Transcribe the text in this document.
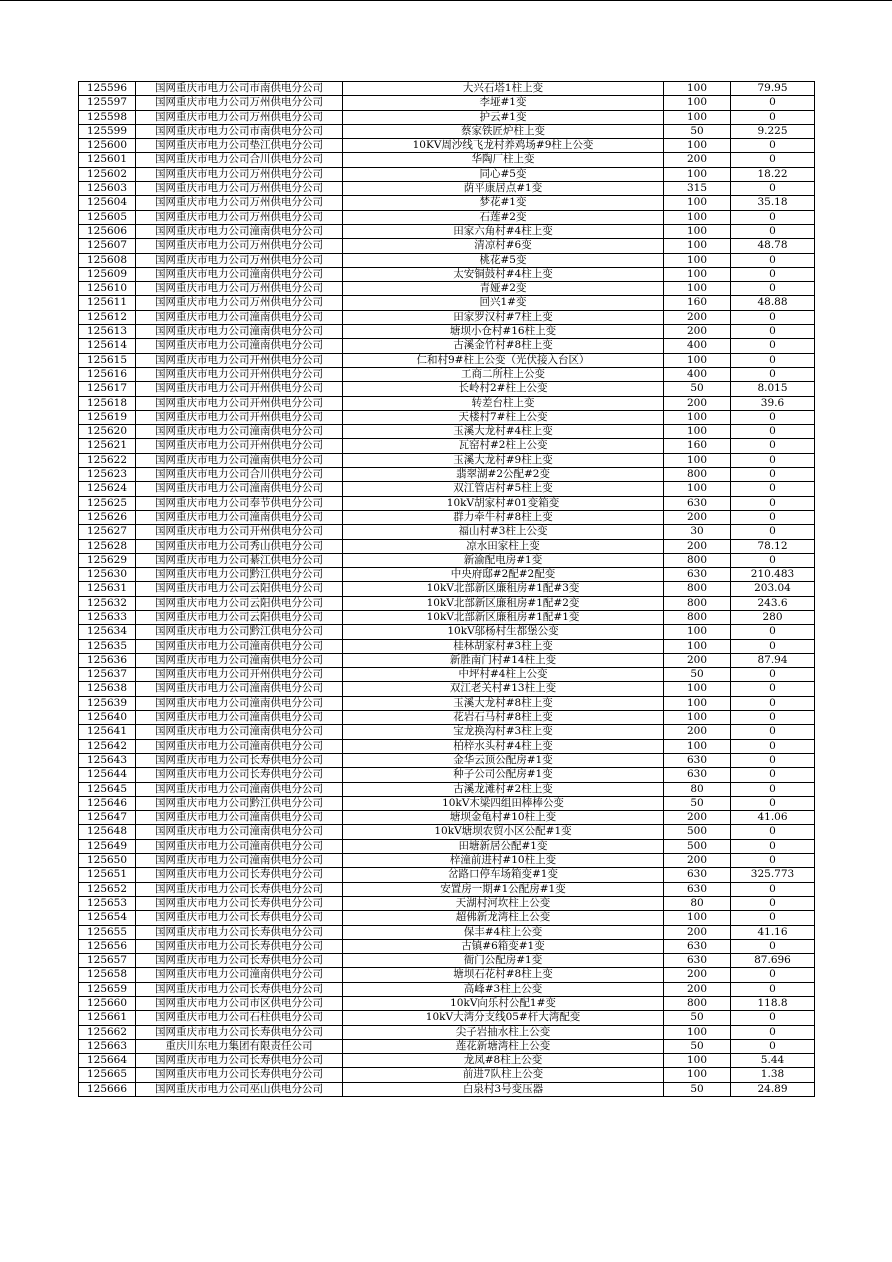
125596	国网重庆市电力公司市南供电分公司	大兴石塔1柱上变	100	79.95
125597	国网重庆市电力公司万州供电分公司	李垭#1变	100	0
125598	国网重庆市电力公司万州供电分公司	护云#1变	100	0
125599	国网重庆市电力公司市南供电分公司	蔡家铁匠炉柱上变	50	9.225
125600	国网重庆市电力公司垫江供电分公司	10KV周沙线飞龙村养鸡场#9柱上公变	100	0
125601	国网重庆市电力公司合川供电分公司	华陶厂柱上变	200	0
125602	国网重庆市电力公司万州供电分公司	同心#5变	100	18.22
125603	国网重庆市电力公司万州供电分公司	荫平康居点#1变	315	0
125604	国网重庆市电力公司万州供电分公司	梦花#1变	100	35.18
125605	国网重庆市电力公司万州供电分公司	石莲#2变	100	0
125606	国网重庆市电力公司潼南供电分公司	田家六角村#4柱上变	100	0
125607	国网重庆市电力公司万州供电分公司	清凉村#6变	100	48.78
125608	国网重庆市电力公司万州供电分公司	桃花#5变	100	0
125609	国网重庆市电力公司潼南供电分公司	太安铜鼓村#4柱上变	100	0
125610	国网重庆市电力公司万州供电分公司	青娅#2变	100	0
125611	国网重庆市电力公司万州供电分公司	回兴1#变	160	48.88
125612	国网重庆市电力公司潼南供电分公司	田家罗汉村#7柱上变	200	0
125613	国网重庆市电力公司潼南供电分公司	塘坝小仓村#16柱上变	200	0
125614	国网重庆市电力公司潼南供电分公司	古溪金竹村#8柱上变	400	0
125615	国网重庆市电力公司开州供电分公司	仁和村9#柱上公变（光伏接入台区）	100	0
125616	国网重庆市电力公司开州供电分公司	工商二所柱上公变	400	0
125617	国网重庆市电力公司开州供电分公司	长岭村2#柱上公变	50	8.015
125618	国网重庆市电力公司开州供电分公司	转差台柱上变	200	39.6
125619	国网重庆市电力公司开州供电分公司	天楼村7#柱上公变	100	0
125620	国网重庆市电力公司潼南供电分公司	玉溪大龙村#4柱上变	100	0
125621	国网重庆市电力公司开州供电分公司	瓦窑村#2柱上公变	160	0
125622	国网重庆市电力公司潼南供电分公司	玉溪大龙村#9柱上变	100	0
125623	国网重庆市电力公司合川供电分公司	翡翠湖#2公配#2变	800	0
125624	国网重庆市电力公司潼南供电分公司	双江管店村#5柱上变	100	0
125625	国网重庆市电力公司奉节供电分公司	10kV胡家村#01变箱变	630	0
125626	国网重庆市电力公司潼南供电分公司	群力牵牛村#8柱上变	200	0
125627	国网重庆市电力公司开州供电分公司	福山村#3柱上公变	30	0
125628	国网重庆市电力公司秀山供电分公司	凉水田家柱上变	200	78.12
125629	国网重庆市电力公司綦江供电分公司	新渝配电房#1变	800	0
125630	国网重庆市电力公司黔江供电分公司	中央府邸#2配#2配变	630	210.483
125631	国网重庆市电力公司云阳供电分公司	10kV北部新区廉租房#1配#3变	800	203.04
125632	国网重庆市电力公司云阳供电分公司	10kV北部新区廉租房#1配#2变	800	243.6
125633	国网重庆市电力公司云阳供电分公司	10kV北部新区廉租房#1配#1变	800	280
125634	国网重庆市电力公司黔江供电分公司	10kV邬杨村生都堡公变	100	0
125635	国网重庆市电力公司潼南供电分公司	桂林胡家村#3柱上变	100	0
125636	国网重庆市电力公司潼南供电分公司	新胜南门村#14柱上变	200	87.94
125637	国网重庆市电力公司开州供电分公司	中坪村#4柱上公变	50	0
125638	国网重庆市电力公司潼南供电分公司	双江老关村#13柱上变	100	0
125639	国网重庆市电力公司潼南供电分公司	玉溪大龙村#8柱上变	100	0
125640	国网重庆市电力公司潼南供电分公司	花岩石马村#8柱上变	100	0
125641	国网重庆市电力公司潼南供电分公司	宝龙换沟村#3柱上变	200	0
125642	国网重庆市电力公司潼南供电分公司	柏梓水头村#4柱上变	100	0
125643	国网重庆市电力公司长寿供电分公司	金华云顶公配房#1变	630	0
125644	国网重庆市电力公司长寿供电分公司	种子公司公配房#1变	630	0
125645	国网重庆市电力公司潼南供电分公司	古溪龙滩村#2柱上变	80	0
125646	国网重庆市电力公司黔江供电分公司	10kV木梁四组田棒棒公变	50	0
125647	国网重庆市电力公司潼南供电分公司	塘坝金龟村#10柱上变	200	41.06
125648	国网重庆市电力公司潼南供电分公司	10kV塘坝农贸小区公配#1变	500	0
125649	国网重庆市电力公司潼南供电分公司	田塘新居公配#1变	500	0
125650	国网重庆市电力公司潼南供电分公司	梓潼前进村#10柱上变	200	0
125651	国网重庆市电力公司长寿供电分公司	岔路口停车场箱变#1变	630	325.773
125652	国网重庆市电力公司长寿供电分公司	安置房一期#1公配房#1变	630	0
125653	国网重庆市电力公司长寿供电分公司	天湖村河坎柱上公变	80	0
125654	国网重庆市电力公司长寿供电分公司	超佛新龙湾柱上公变	100	0
125655	国网重庆市电力公司长寿供电分公司	保丰#4柱上公变	200	41.16
125656	国网重庆市电力公司长寿供电分公司	古镇#6箱变#1变	630	0
125657	国网重庆市电力公司长寿供电分公司	衙门公配房#1变	630	87.696
125658	国网重庆市电力公司潼南供电分公司	塘坝石花村#8柱上变	200	0
125659	国网重庆市电力公司长寿供电分公司	高峰#3柱上公变	200	0
125660	国网重庆市电力公司市区供电分公司	10kV向乐村公配1#变	800	118.8
125661	国网重庆市电力公司石柱供电分公司	10kV大湾分支线05#杆大湾配变	50	0
125662	国网重庆市电力公司长寿供电分公司	尖子岩抽水柱上公变	100	0
125663	重庆川东电力集团有限责任公司	莲花新塘湾柱上公变	50	0
125664	国网重庆市电力公司长寿供电分公司	龙凤#8柱上公变	100	5.44
125665	国网重庆市电力公司长寿供电分公司	前进7队柱上公变	100	1.38
125666	国网重庆市电力公司巫山供电分公司	白泉村3号变压器	50	24.89
